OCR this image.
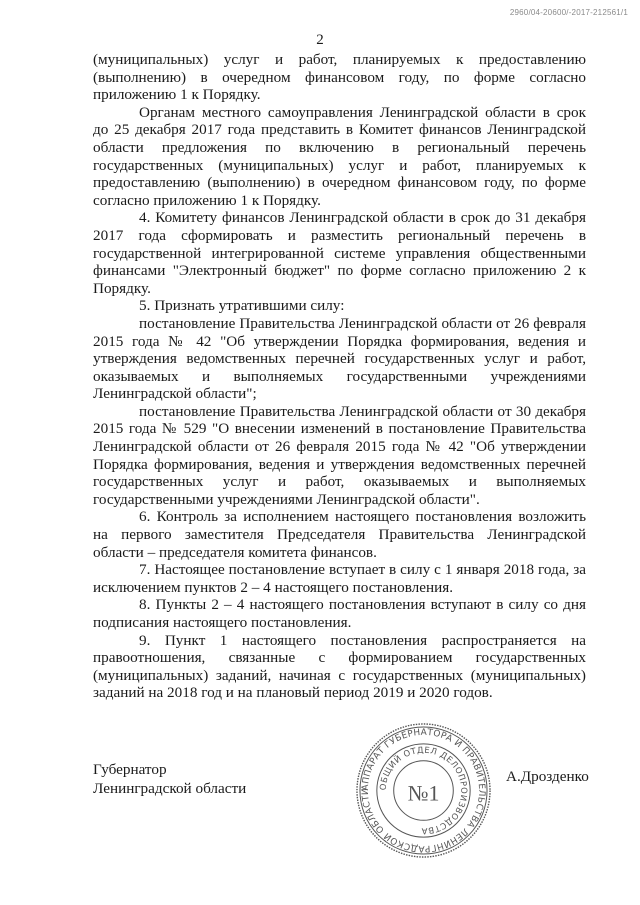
2960/04-20600/-2017-212561/1
2

(муниципальных) услуг и работ, планируемых к предоставлению (выполнению) в очередном финансовом году, по форме согласно приложению 1 к Порядку.

Органам местного самоуправления Ленинградской области в срок до 25 декабря 2017 года представить в Комитет финансов Ленинградской области предложения по включению в региональный перечень государственных (муниципальных) услуг и работ, планируемых к предоставлению (выполнению) в очередном финансовом году, по форме согласно приложению 1 к Порядку.

4. Комитету финансов Ленинградской области в срок до 31 декабря 2017 года сформировать и разместить региональный перечень в государственной интегрированной системе управления общественными финансами "Электронный бюджет" по форме согласно приложению 2 к Порядку.

5. Признать утратившими силу:

постановление Правительства Ленинградской области от 26 февраля 2015 года № 42 "Об утверждении Порядка формирования, ведения и утверждения ведомственных перечней государственных услуг и работ, оказываемых и выполняемых государственными учреждениями Ленинградской области";

постановление Правительства Ленинградской области от 30 декабря 2015 года № 529 "О внесении изменений в постановление Правительства Ленинградской области от 26 февраля 2015 года № 42 "Об утверждении Порядка формирования, ведения и утверждения ведомственных перечней государственных услуг и работ, оказываемых и выполняемых государственными учреждениями Ленинградской области".

6. Контроль за исполнением настоящего постановления возложить на первого заместителя Председателя Правительства Ленинградской области – председателя комитета финансов.

7. Настоящее постановление вступает в силу с 1 января 2018 года, за исключением пунктов 2 – 4 настоящего постановления.

8. Пункты 2 – 4 настоящего постановления вступают в силу со дня подписания настоящего постановления.

9. Пункт 1 настоящего постановления распространяется на правоотношения, связанные с формированием государственных (муниципальных) заданий, начиная с государственных (муниципальных) заданий на 2018 год и на плановый период 2019 и 2020 годов.

Губернатор
Ленинградской области	АППАРАТ ГУБЕРНАТОРА И ПРАВИТЕЛЬСТВА ЛЕНИНГРАДСКОЙ ОБЛАСТИ
ОБЩИЙ ОТДЕЛ ДЕЛОПРОИЗВОДСТВА
№1
А.Дрозденко
